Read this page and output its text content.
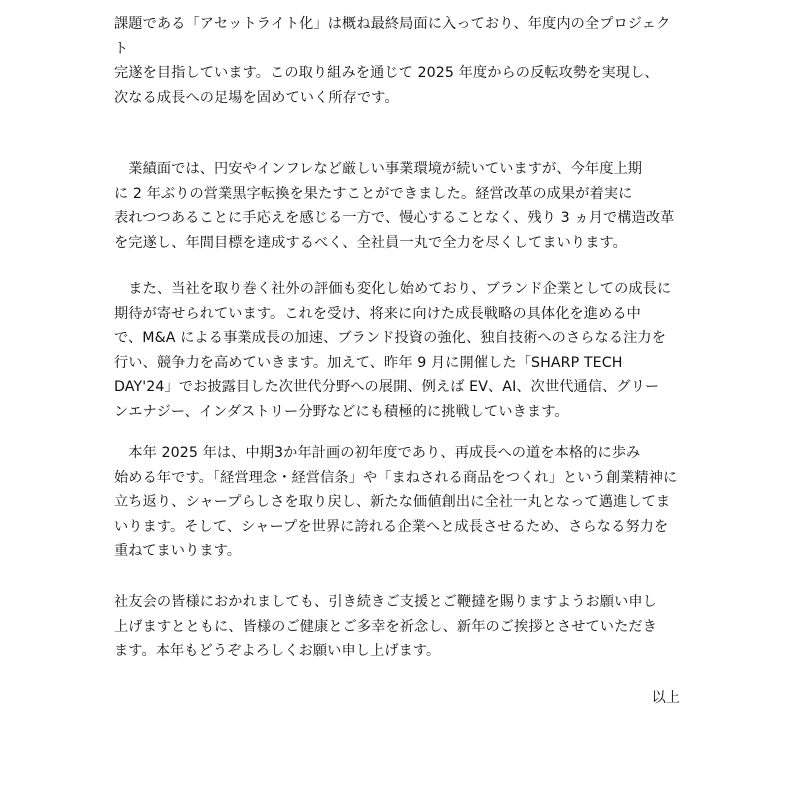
課題である「アセットライト化」は概ね最終局面に入っており、年度内の全プロジェクト
完遂を目指しています。この取り組みを通じて 2025 年度からの反転攻勢を実現し、
次なる成長への足場を固めていく所存です。

　業績面では、円安やインフレなど厳しい事業環境が続いていますが、今年度上期
に 2 年ぶりの営業黒字転換を果たすことができました。経営改革の成果が着実に
表れつつあることに手応えを感じる一方で、慢心することなく、残り 3 ヵ月で構造改革
を完遂し、年間目標を達成するべく、全社員一丸で全力を尽くしてまいります。

　また、当社を取り巻く社外の評価も変化し始めており、ブランド企業としての成長に
期待が寄せられています。これを受け、将来に向けた成長戦略の具体化を進める中
で、M&A による事業成長の加速、ブランド投資の強化、独自技術へのさらなる注力を
行い、競争力を高めていきます。加えて、昨年 9 月に開催した「SHARP TECH
DAY'24」でお披露目した次世代分野への展開、例えば EV、AI、次世代通信、グリー
ンエナジー、インダストリー分野などにも積極的に挑戦していきます。

　本年 2025 年は、中期3か年計画の初年度であり、再成長への道を本格的に歩み
始める年です。「経営理念・経営信条」や「まねされる商品をつくれ」という創業精神に
立ち返り、シャープらしさを取り戻し、新たな価値創出に全社一丸となって邁進してま
いります。そして、シャープを世界に誇れる企業へと成長させるため、さらなる努力を
重ねてまいります。

社友会の皆様におかれましても、引き続きご支援とご鞭撻を賜りますようお願い申し
上げますとともに、皆様のご健康とご多幸を祈念し、新年のご挨拶とさせていただき
ます。本年もどうぞよろしくお願い申し上げます。

以上
